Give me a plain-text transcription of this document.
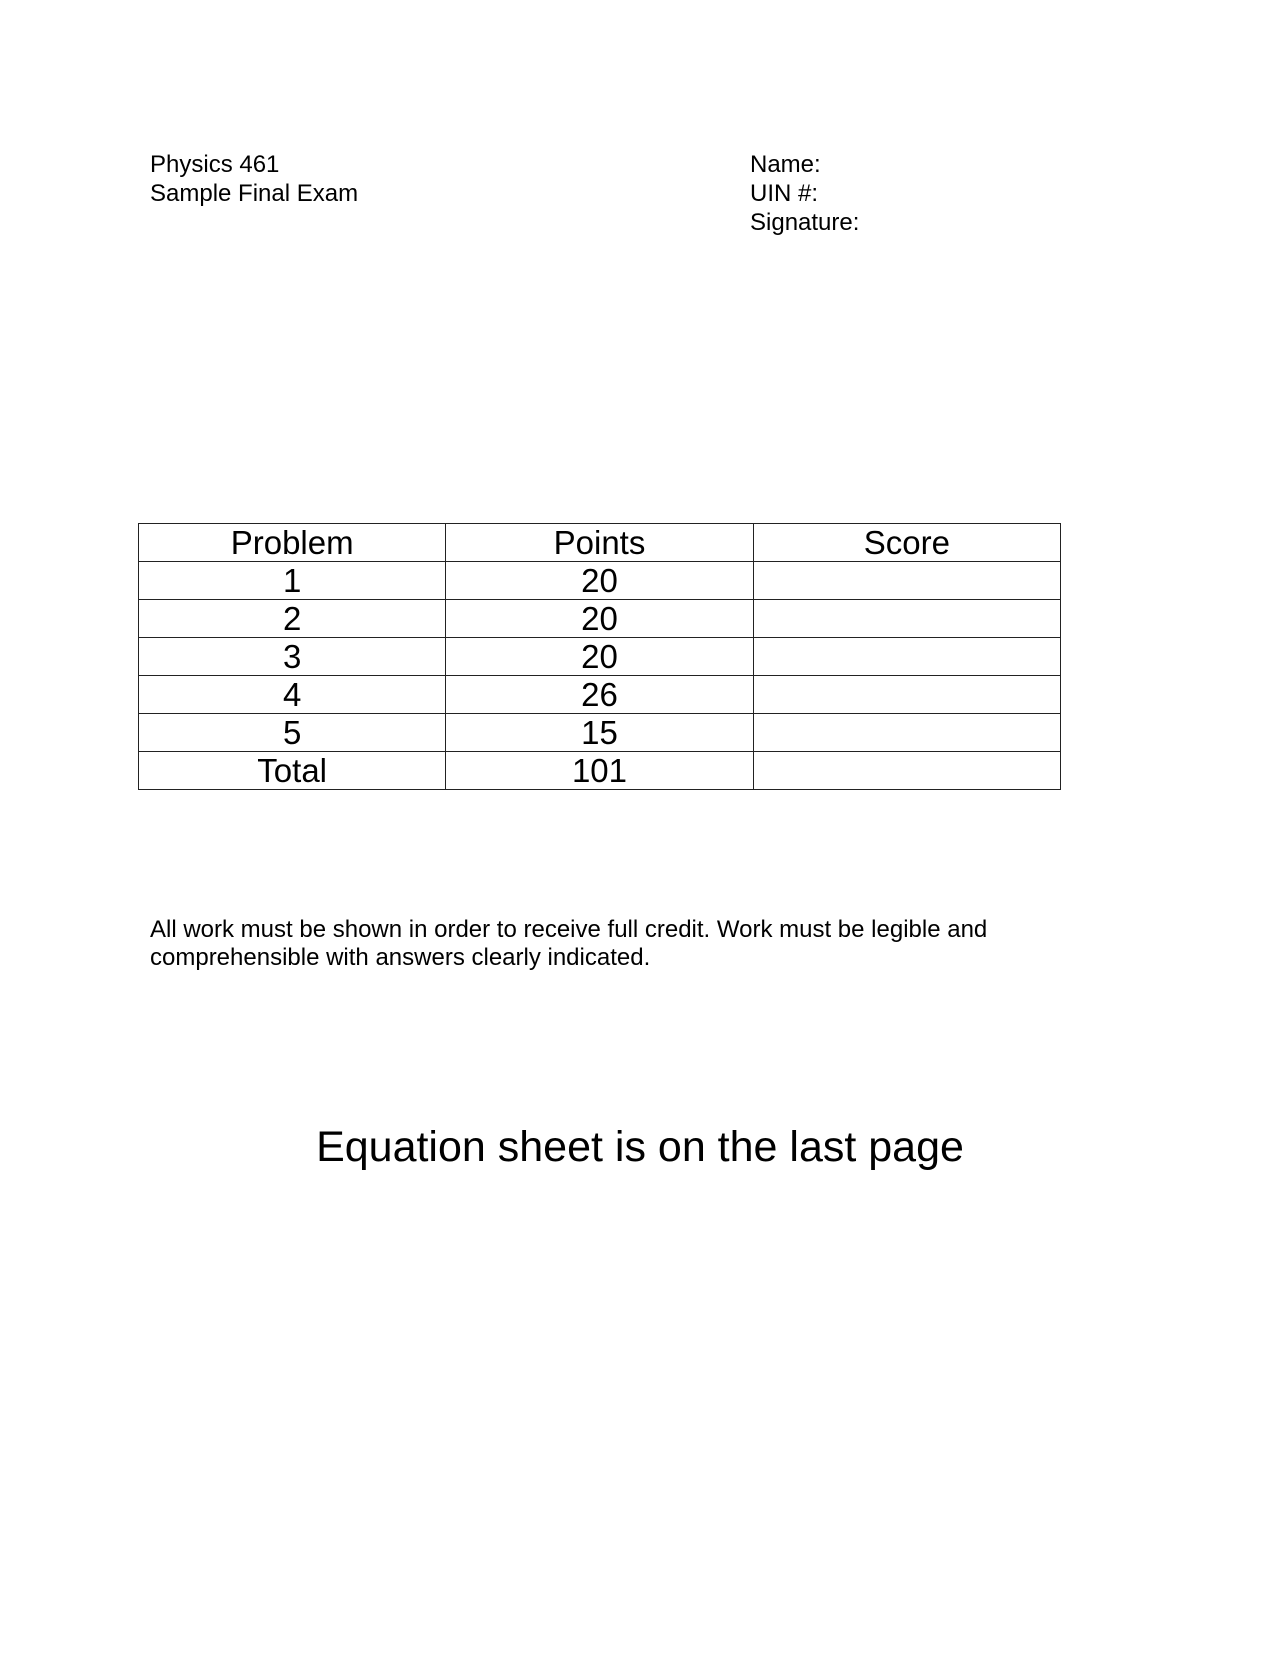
Physics 461
Sample Final Exam
Name:
UIN #:
Signature:
Problem	Points	Score
1	20	
2	20	
3	20	
4	26	
5	15	
Total	101	
All work must be shown in order to receive full credit. Work must be legible and comprehensible with answers clearly indicated.
Equation sheet is on the last page
